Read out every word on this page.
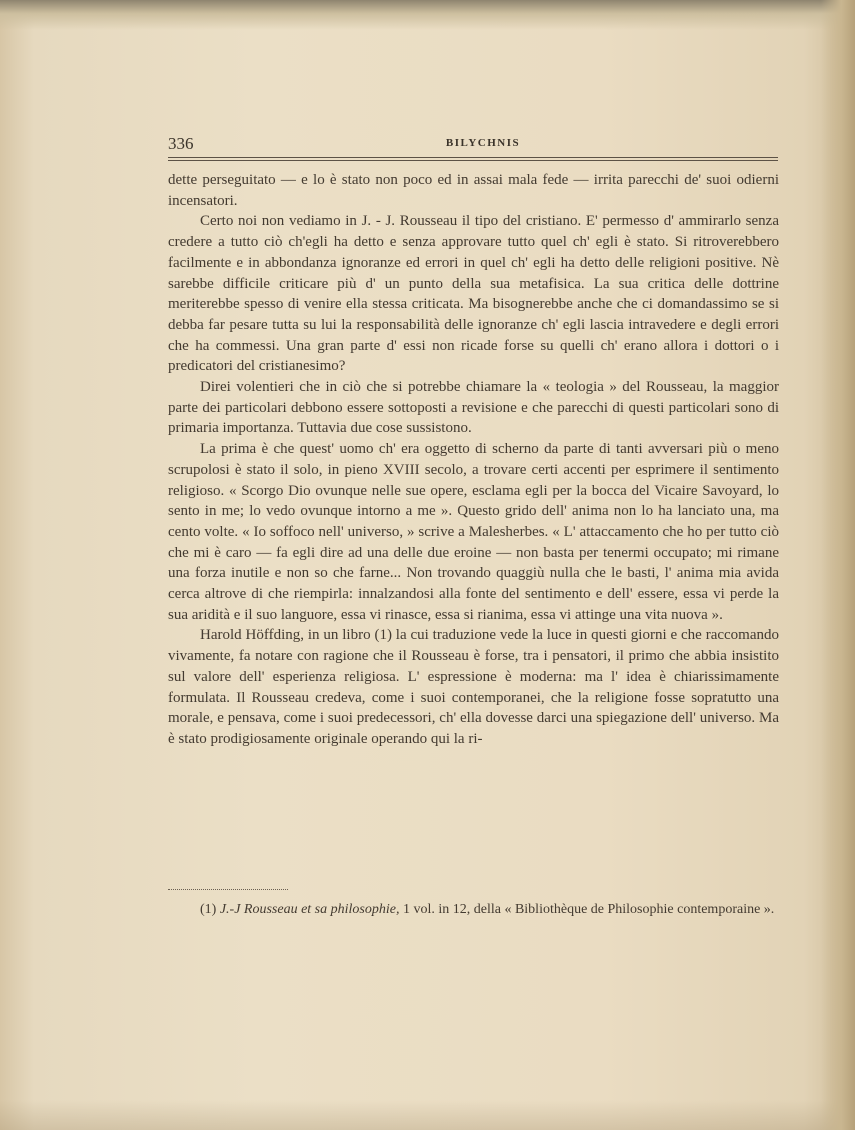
336	BILYCHNIS

dette perseguitato — e lo è stato non poco ed in assai mala fede — irrita parecchi de' suoi odierni incensatori.

Certo noi non vediamo in J. - J. Rousseau il tipo del cristiano. E' permesso d' ammirarlo senza credere a tutto ciò ch'egli ha detto e senza approvare tutto quel ch' egli è stato. Si ritroverebbero facilmente e in abbondanza ignoranze ed errori in quel ch' egli ha detto delle religioni positive. Nè sarebbe difficile criticare più d' un punto della sua metafisica. La sua critica delle dottrine meriterebbe spesso di venire ella stessa criticata. Ma bisognerebbe anche che ci domandassimo se si debba far pesare tutta su lui la responsabilità delle ignoranze ch' egli lascia intravedere e degli errori che ha commessi. Una gran parte d' essi non ricade forse su quelli ch' erano allora i dottori o i predicatori del cristianesimo?

Direi volentieri che in ciò che si potrebbe chiamare la « teologia » del Rousseau, la maggior parte dei particolari debbono essere sottoposti a revisione e che parecchi di questi particolari sono di primaria importanza. Tuttavia due cose sussistono.

La prima è che quest' uomo ch' era oggetto di scherno da parte di tanti avversari più o meno scrupolosi è stato il solo, in pieno XVIII secolo, a trovare certi accenti per esprimere il sentimento religioso. « Scorgo Dio ovunque nelle sue opere, esclama egli per la bocca del Vicaire Savoyard, lo sento in me; lo vedo ovunque intorno a me ». Questo grido dell' anima non lo ha lanciato una, ma cento volte. « Io soffoco nell' universo, » scrive a Malesherbes. « L' attaccamento che ho per tutto ciò che mi è caro — fa egli dire ad una delle due eroine — non basta per tenermi occupato; mi rimane una forza inutile e non so che farne... Non trovando quaggiù nulla che le basti, l' anima mia avida cerca altrove di che riempirla: innalzandosi alla fonte del sentimento e dell' essere, essa vi perde la sua aridità e il suo languore, essa vi rinasce, essa si rianima, essa vi attinge una vita nuova ».

Harold Höffding, in un libro (1) la cui traduzione vede la luce in questi giorni e che raccomando vivamente, fa notare con ragione che il Rousseau è forse, tra i pensatori, il primo che abbia insistito sul valore dell' esperienza religiosa. L' espressione è moderna: ma l' idea è chiarissimamente formulata. Il Rousseau credeva, come i suoi contemporanei, che la religione fosse sopratutto una morale, e pensava, come i suoi predecessori, ch' ella dovesse darci una spiegazione dell' universo. Ma è stato prodigiosamente originale operando qui la ri-

(1) J.-J Rousseau et sa philosophie, 1 vol. in 12, della « Bibliothèque de Philosophie contemporaine ».
